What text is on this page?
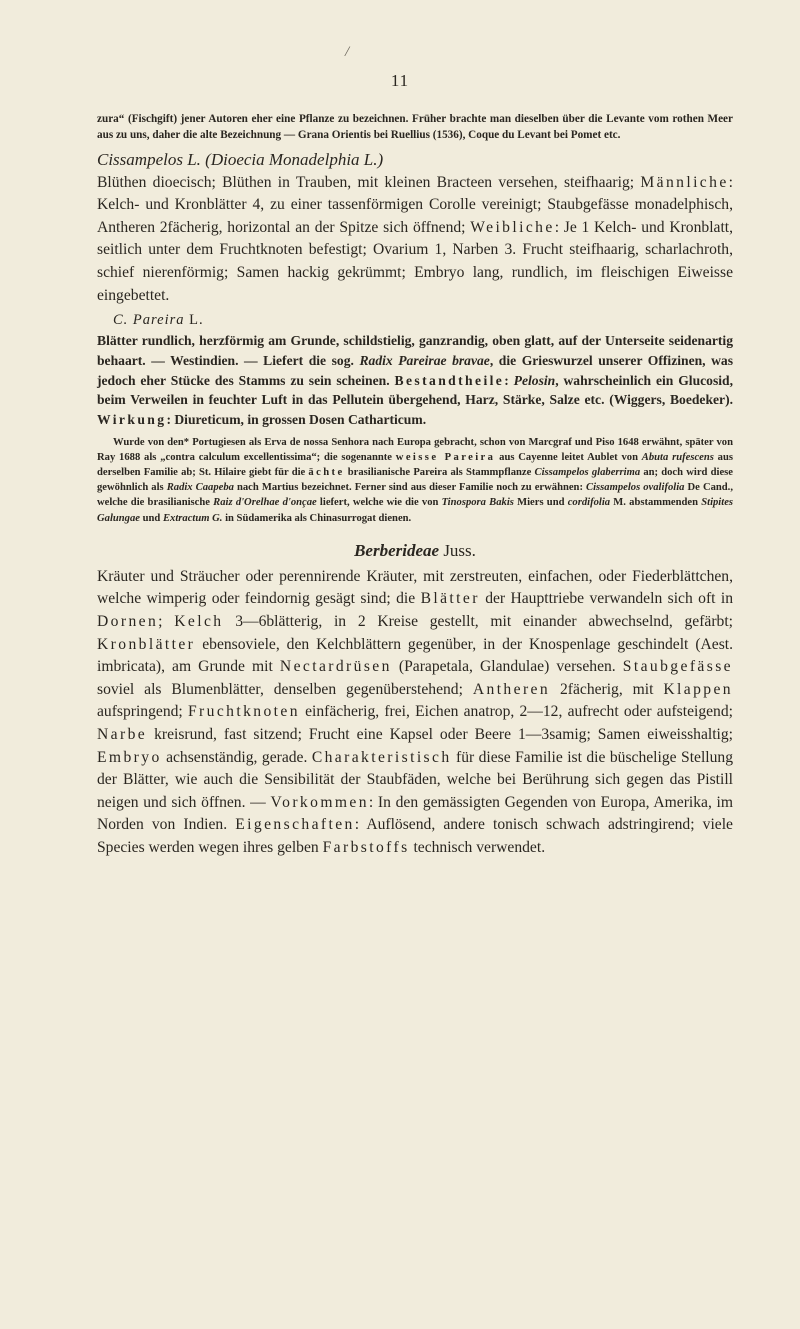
/
11

zura“ (Fischgift) jener Autoren eher eine Pflanze zu bezeichnen. Früher brachte man dieselben über die Levante vom rothen Meer aus zu uns, daher die alte Bezeichnung — Grana Orientis bei Ruellius (1536), Coque du Levant bei Pomet etc.

Cissampelos L. (Dioecia Monadelphia L.)

Blüthen dioecisch; Blüthen in Trauben, mit kleinen Bracteen versehen, steifhaarig; Männliche: Kelch- und Kronblätter 4, zu einer tassenförmigen Corolle vereinigt; Staubgefässe monadelphisch, Antheren 2fächerig, horizontal an der Spitze sich öffnend; Weibliche: Je 1 Kelch- und Kronblatt, seitlich unter dem Fruchtknoten befestigt; Ovarium 1, Narben 3. Frucht steifhaarig, scharlachroth, schief nierenförmig; Samen hackig gekrümmt; Embryo lang, rundlich, im fleischigen Eiweisse eingebettet.

C. Pareira L.

Blätter rundlich, herzförmig am Grunde, schildstielig, ganzrandig, oben glatt, auf der Unterseite seidenartig behaart. — Westindien. — Liefert die sog. Radix Pareirae bravae, die Grieswurzel unserer Offizinen, was jedoch eher Stücke des Stamms zu sein scheinen. Bestandtheile: Pelosin, wahrscheinlich ein Glucosid, beim Verweilen in feuchter Luft in das Pellutein übergehend, Harz, Stärke, Salze etc. (Wiggers, Boedeker). Wirkung: Diureticum, in grossen Dosen Catharticum.

Wurde von den* Portugiesen als Erva de nossa Senhora nach Europa gebracht, schon von Marcgraf und Piso 1648 erwähnt, später von Ray 1688 als „contra calculum excellentissima“; die sogenannte weisse Pareira aus Cayenne leitet Aublet von Abuta rufescens aus derselben Familie ab; St. Hilaire giebt für die ächte brasilianische Pareira als Stammpflanze Cissampelos glaberrima an; doch wird diese gewöhnlich als Radix Caapeba nach Martius bezeichnet. Ferner sind aus dieser Familie noch zu erwähnen: Cissampelos ovalifolia De Cand., welche die brasilianische Raiz d'Orelhae d'onçae liefert, welche wie die von Tinospora Bakis Miers und cordifolia M. abstammenden Stipites Galungae und Extractum G. in Südamerika als Chinasurrogat dienen.

Berberideae Juss.

Kräuter und Sträucher oder perennirende Kräuter, mit zerstreuten, einfachen, oder Fiederblättchen, welche wimperig oder feindornig gesägt sind; die Blätter der Haupttriebe verwandeln sich oft in Dornen; Kelch 3—6blätterig, in 2 Kreise gestellt, mit einander abwechselnd, gefärbt; Kronblätter ebensoviele, den Kelchblättern gegenüber, in der Knospenlage geschindelt (Aest. imbricata), am Grunde mit Nectardrüsen (Parapetala, Glandulae) versehen. Staubgefässe soviel als Blumenblätter, denselben gegenüberstehend; Antheren 2fächerig, mit Klappen aufspringend; Fruchtknoten einfächerig, frei, Eichen anatrop, 2—12, aufrecht oder aufsteigend; Narbe kreisrund, fast sitzend; Frucht eine Kapsel oder Beere 1—3samig; Samen eiweisshaltig; Embryo achsenständig, gerade. Charakteristisch für diese Familie ist die büschelige Stellung der Blätter, wie auch die Sensibilität der Staubfäden, welche bei Berührung sich gegen das Pistill neigen und sich öffnen. — Vorkommen: In den gemässigten Gegenden von Europa, Amerika, im Norden von Indien. Eigenschaften: Auflösend, andere tonisch schwach adstringirend; viele Species werden wegen ihres gelben Farbstoffs technisch verwendet.
